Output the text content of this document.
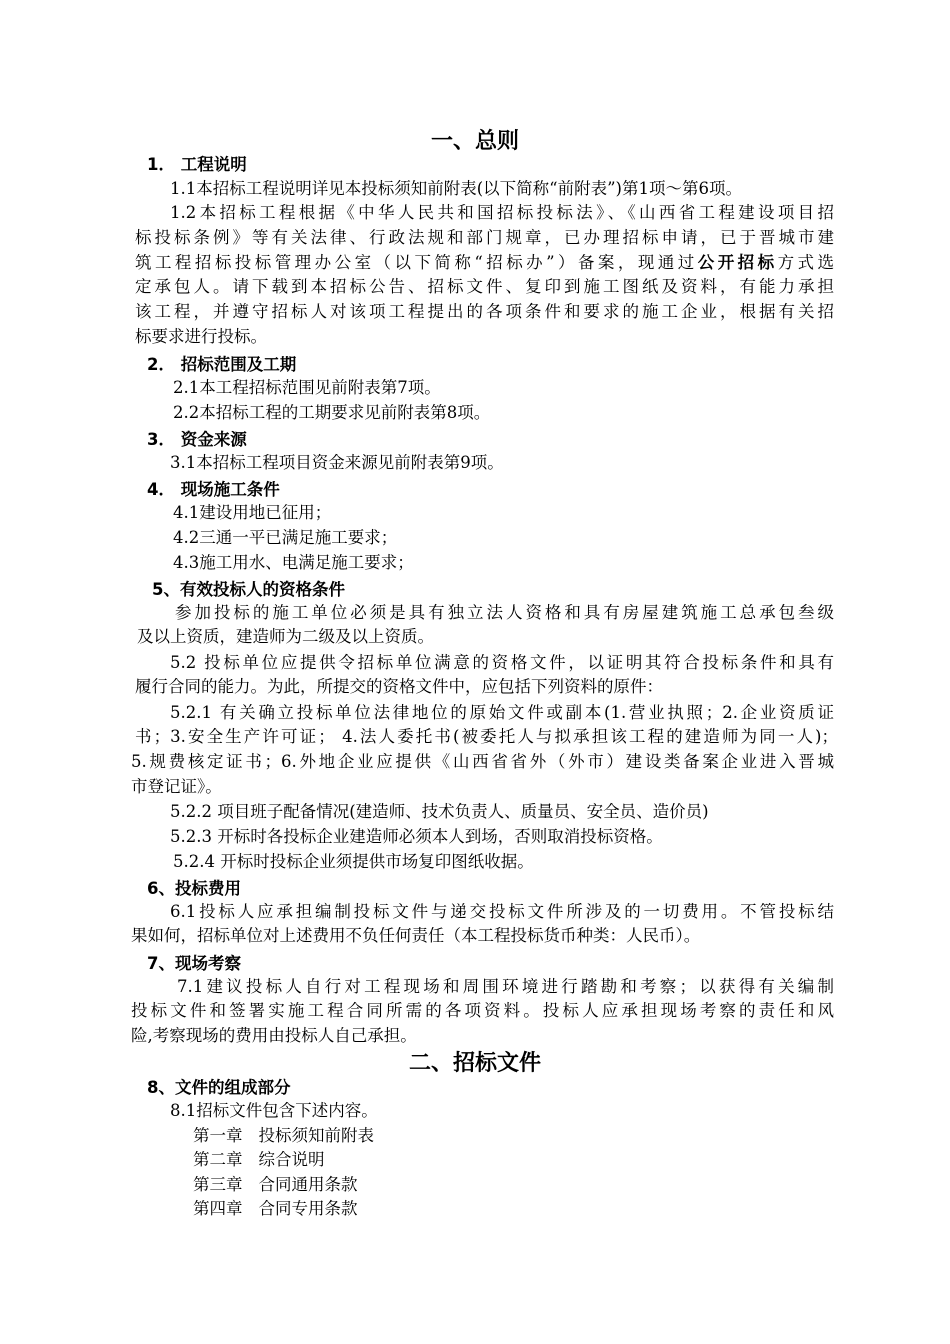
一、总则
1． 工程说明
1.1本招标工程说明详见本投标须知前附表(以下简称“前附表”)第1项～第6项。
1.2本招标工程根据《中华人民共和国招标投标法》、《山西省工程建设项目招
标投标条例》等有关法律、行政法规和部门规章，已办理招标申请，已于晋城市建
筑工程招标投标管理办公室（以下简称“招标办”）备案，现通过公开招标方式选
定承包人。请下载到本招标公告、招标文件、复印到施工图纸及资料，有能力承担
该工程，并遵守招标人对该项工程提出的各项条件和要求的施工企业，根据有关招
标要求进行投标。
2． 招标范围及工期
2.1本工程招标范围见前附表第7项。
2.2本招标工程的工期要求见前附表第8项。
3． 资金来源
3.1本招标工程项目资金来源见前附表第9项。
4． 现场施工条件
4.1建设用地已征用；
4.2三通一平已满足施工要求；
4.3施工用水、电满足施工要求；
5、有效投标人的资格条件
参加投标的施工单位必须是具有独立法人资格和具有房屋建筑施工总承包叁级
及以上资质，建造师为二级及以上资质。
5.2 投标单位应提供令招标单位满意的资格文件，以证明其符合投标条件和具有
履行合同的能力。为此，所提交的资格文件中，应包括下列资料的原件：
5.2.1 有关确立投标单位法律地位的原始文件或副本(1.营业执照；2.企业资质证
书；3.安全生产许可证； 4.法人委托书(被委托人与拟承担该工程的建造师为同一人)；
5.规费核定证书；6.外地企业应提供《山西省省外（外市）建设类备案企业进入晋城
市登记证》。
5.2.2 项目班子配备情况(建造师、技术负责人、质量员、安全员、造价员)
5.2.3 开标时各投标企业建造师必须本人到场，否则取消投标资格。
5.2.4 开标时投标企业须提供市场复印图纸收据。
6、投标费用
6.1投标人应承担编制投标文件与递交投标文件所涉及的一切费用。不管投标结
果如何，招标单位对上述费用不负任何责任（本工程投标货币种类：人民币）。
7、现场考察
7.1建议投标人自行对工程现场和周围环境进行踏勘和考察；以获得有关编制
投标文件和签署实施工程合同所需的各项资料。投标人应承担现场考察的责任和风
险,考察现场的费用由投标人自己承担。
二、招标文件
8、文件的组成部分
8.1招标文件包含下述内容。
第一章 投标须知前附表
第二章 综合说明
第三章 合同通用条款
第四章 合同专用条款
